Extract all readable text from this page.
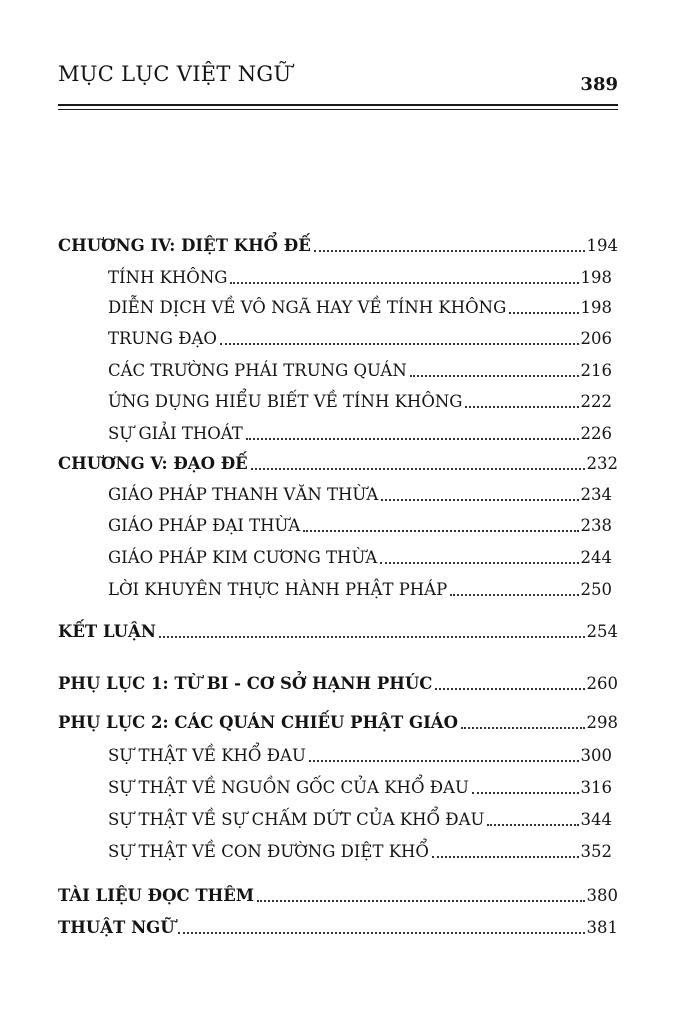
MỤC LỤC VIỆT NGỮ	389
CHƯƠNG IV: DIỆT KHỔ ĐẾ	194
TÍNH KHÔNG	198
DIỄN DỊCH VỀ VÔ NGÃ HAY VỀ TÍNH KHÔNG	198
TRUNG ĐẠO	206
CÁC TRƯỜNG PHÁI TRUNG QUÁN	216
ỨNG DỤNG HIỂU BIẾT VỀ TÍNH KHÔNG	222
SỰ GIẢI THOÁT	226
CHƯƠNG V: ĐẠO ĐẾ	232
GIÁO PHÁP THANH VĂN THỪA	234
GIÁO PHÁP ĐẠI THỪA	238
GIÁO PHÁP KIM CƯƠNG THỪA	244
LỜI KHUYÊN THỰC HÀNH PHẬT PHÁP	250
KẾT LUẬN	254
PHỤ LỤC 1: TỪ BI - CƠ SỞ HẠNH PHÚC	260
PHỤ LỤC 2: CÁC QUÁN CHIẾU PHẬT GIÁO	298
SỰ THẬT VỀ KHỔ ĐAU	300
SỰ THẬT VỀ NGUỒN GỐC CỦA KHỔ ĐAU	316
SỰ THẬT VỀ SỰ CHẤM DỨT CỦA KHỔ ĐAU	344
SỰ THẬT VỀ CON ĐƯỜNG DIỆT KHỔ	352
TÀI LIỆU ĐỌC THÊM	380
THUẬT NGỮ	381
